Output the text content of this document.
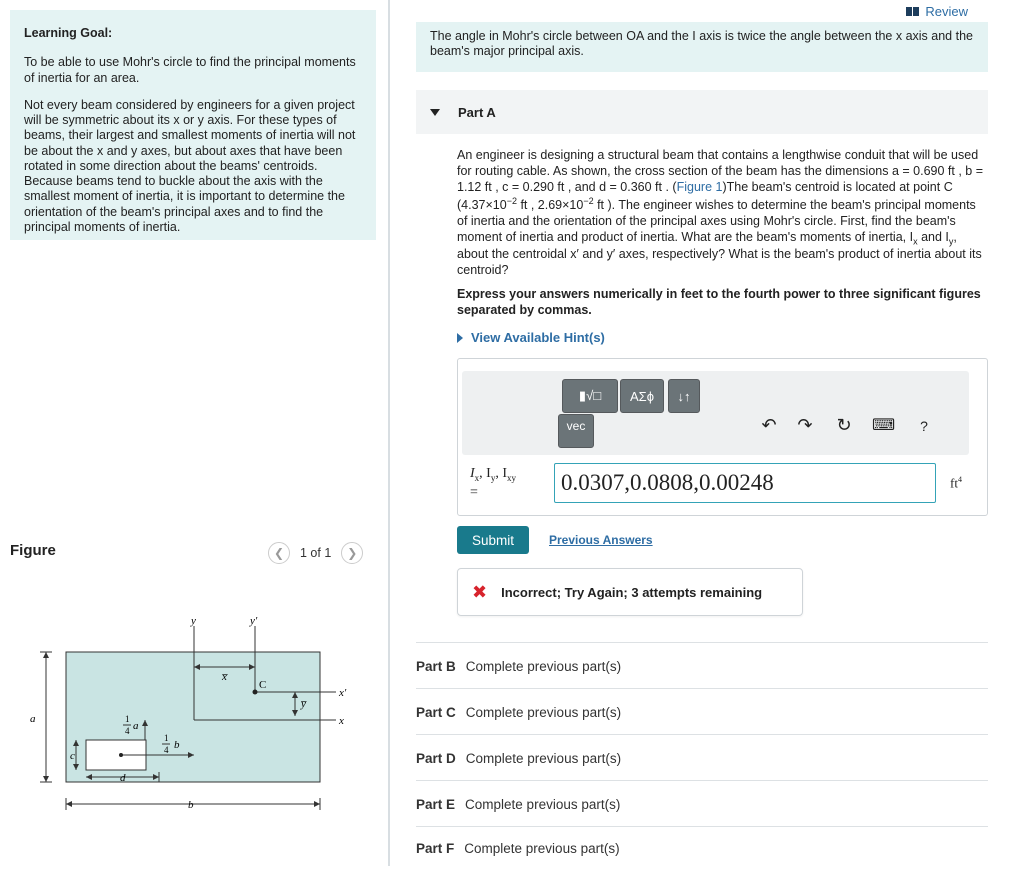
Learning Goal:

To be able to use Mohr's circle to find the principal moments of inertia for an area.

Not every beam considered by engineers for a given project will be symmetric about its x or y axis. For these types of beams, their largest and smallest moments of inertia will not be about the x and y axes, but about axes that have been rotated in some direction about the beams' centroids. Because beams tend to buckle about the axis with the smallest moment of inertia, it is important to determine the orientation of the beam's principal axes and to find the principal moments of inertia.

Figure	❮ 1 of 1 ❯
y	y′
x′
x
x̅
y̅
C
a
b
c
d
1
4 a
1
4 b
Review
The angle in Mohr's circle between OA and the I axis is twice the angle between the x axis and the beam's major principal axis.
Part A
An engineer is designing a structural beam that contains a lengthwise conduit that will be used for routing cable. As shown, the cross section of the beam has the dimensions a = 0.690 ft , b = 1.12 ft , c = 0.290 ft , and d = 0.360 ft . (Figure 1)The beam's centroid is located at point C ($4.37\times 10^{-2}$ ft , $2.69\times 10^{-2}$ ft ). The engineer wishes to determine the beam's principal moments of inertia and the orientation of the principal axes using Mohr's circle. First, find the beam's moment of inertia and product of inertia. What are the beam's moments of inertia, $I_x$ and $I_y$, about the centroidal x′ and y′ axes, respectively? What is the beam's product of inertia about its centroid?
Express your answers numerically in feet to the fourth power to three significant figures separated by commas.
View Available Hint(s)
▮√□	AΣϕ	↓↑
vec	↶ ↷ ↻ ⌨	?
$I_x$, $I_y$, $I_{xy}$
=	0.0307,0.0808,0.00248	$ft^4$
Submit	Previous Answers
✖ Incorrect; Try Again; 3 attempts remaining
Part B Complete previous part(s)
Part C Complete previous part(s)
Part D Complete previous part(s)
Part E Complete previous part(s)
Part F Complete previous part(s)
